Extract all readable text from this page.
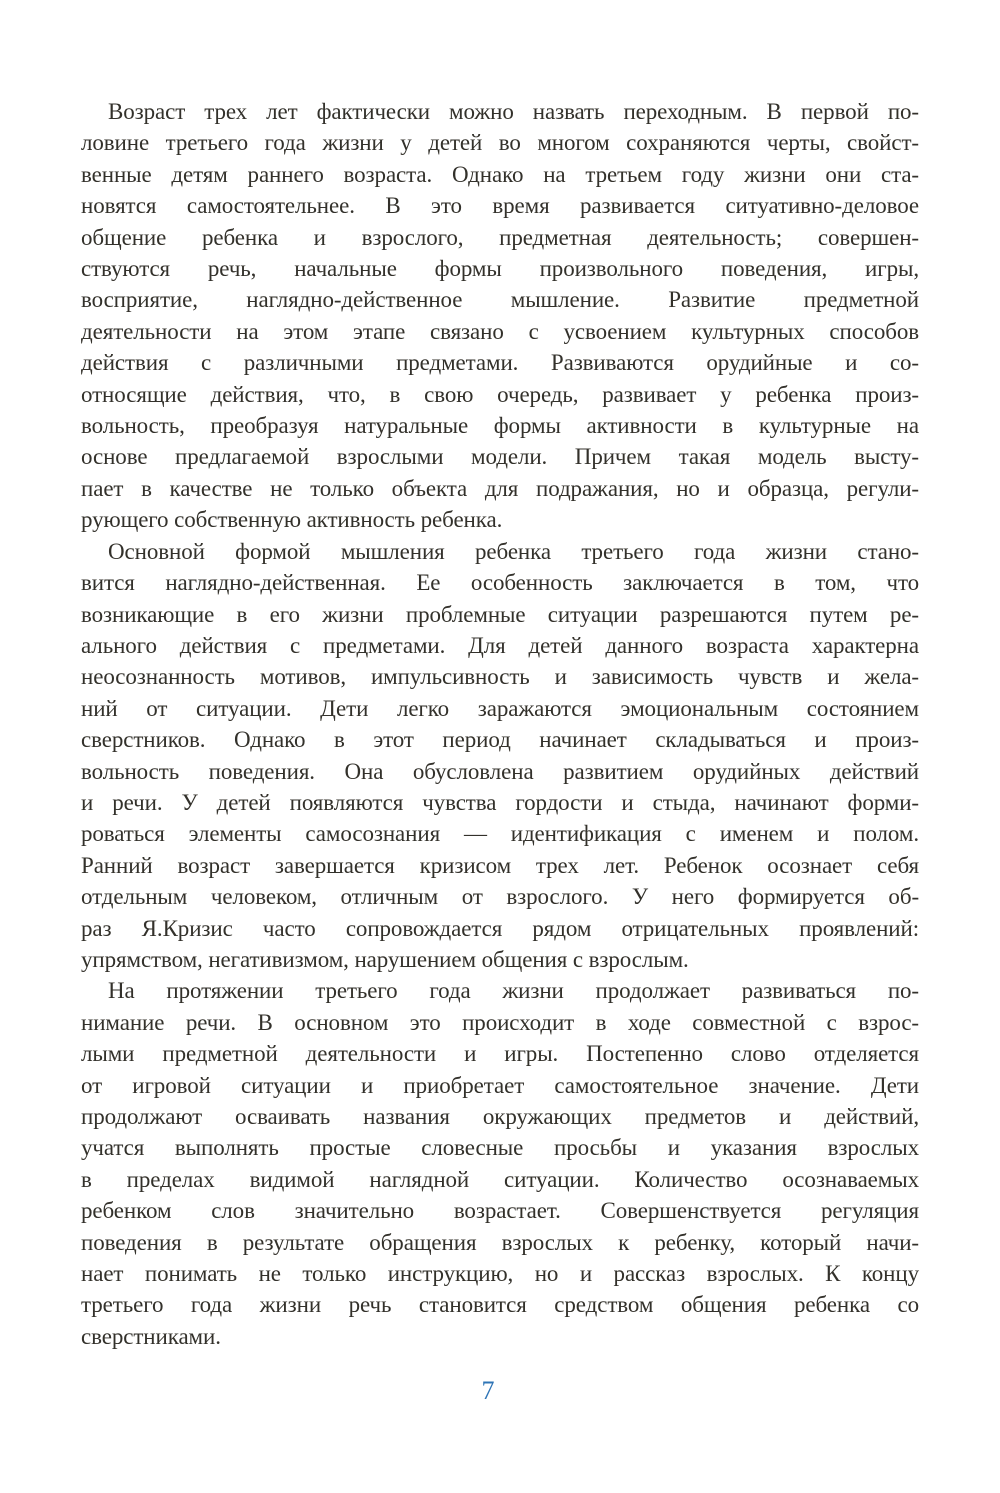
Возраст трех лет фактически можно назвать переходным. В первой по-
ловине третьего года жизни у детей во многом сохраняются черты, свойст-
венные детям раннего возраста. Однако на третьем году жизни они ста-
новятся самостоятельнее. В это время развивается ситуативно-деловое
общение ребенка и взрослого, предметная деятельность; совершен-
ствуются речь, начальные формы произвольного поведения, игры,
восприятие, наглядно-действенное мышление. Развитие предметной
деятельности на этом этапе связано с усвоением культурных способов
действия с различными предметами. Развиваются орудийные и со-
относящие действия, что, в свою очередь, развивает у ребенка произ-
вольность, преобразуя натуральные формы активности в культурные на
основе предлагаемой взрослыми модели. Причем такая модель высту-
пает в качестве не только объекта для подражания, но и образца, регули-
рующего собственную активность ребенка.

Основной формой мышления ребенка третьего года жизни стано-
вится наглядно-действенная. Ее особенность заключается в том, что
возникающие в его жизни проблемные ситуации разрешаются путем ре-
ального действия с предметами. Для детей данного возраста характерна
неосознанность мотивов, импульсивность и зависимость чувств и жела-
ний от ситуации. Дети легко заражаются эмоциональным состоянием
сверстников. Однако в этот период начинает складываться и произ-
вольность поведения. Она обусловлена развитием орудийных действий
и речи. У детей появляются чувства гордости и стыда, начинают форми-
роваться элементы самосознания — идентификация с именем и полом.
Ранний возраст завершается кризисом трех лет. Ребенок осознает себя
отдельным человеком, отличным от взрослого. У него формируется об-
раз Я.Кризис часто сопровождается рядом отрицательных проявлений:
упрямством, негативизмом, нарушением общения с взрослым.

На протяжении третьего года жизни продолжает развиваться по-
нимание речи. В основном это происходит в ходе совместной с взрос-
лыми предметной деятельности и игры. Постепенно слово отделяется
от игровой ситуации и приобретает самостоятельное значение. Дети
продолжают осваивать названия окружающих предметов и действий,
учатся выполнять простые словесные просьбы и указания взрослых
в пределах видимой наглядной ситуации. Количество осознаваемых
ребенком слов значительно возрастает. Совершенствуется регуляция
поведения в результате обращения взрослых к ребенку, который начи-
нает понимать не только инструкцию, но и рассказ взрослых. К концу
третьего года жизни речь становится средством общения ребенка со
сверстниками.

7
